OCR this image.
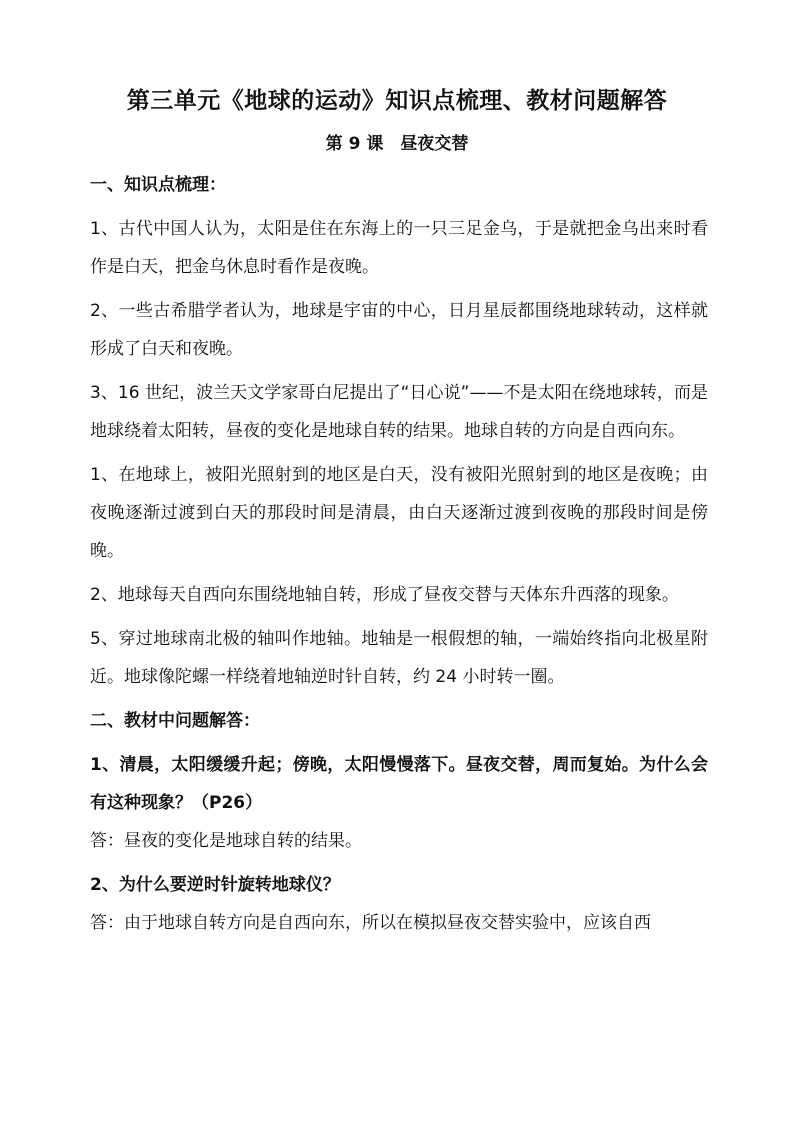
第三单元《地球的运动》知识点梳理、教材问题解答
第 9 课　昼夜交替

一、知识点梳理：

1、古代中国人认为，太阳是住在东海上的一只三足金乌，于是就把金乌出来时看作是白天，把金乌休息时看作是夜晚。

2、一些古希腊学者认为，地球是宇宙的中心，日月星辰都围绕地球转动，这样就形成了白天和夜晚。

3、16 世纪，波兰天文学家哥白尼提出了“日心说”——不是太阳在绕地球转，而是地球绕着太阳转，昼夜的变化是地球自转的结果。地球自转的方向是自西向东。

1、在地球上，被阳光照射到的地区是白天，没有被阳光照射到的地区是夜晚；由夜晚逐渐过渡到白天的那段时间是清晨，由白天逐渐过渡到夜晚的那段时间是傍晚。

2、地球每天自西向东围绕地轴自转，形成了昼夜交替与天体东升西落的现象。

5、穿过地球南北极的轴叫作地轴。地轴是一根假想的轴，一端始终指向北极星附近。地球像陀螺一样绕着地轴逆时针自转，约 24 小时转一圈。

二、教材中问题解答：

1、清晨，太阳缓缓升起；傍晚，太阳慢慢落下。昼夜交替，周而复始。为什么会有这种现象？（P26）

答：昼夜的变化是地球自转的结果。

2、为什么要逆时针旋转地球仪？

答：由于地球自转方向是自西向东，所以在模拟昼夜交替实验中，应该自西
